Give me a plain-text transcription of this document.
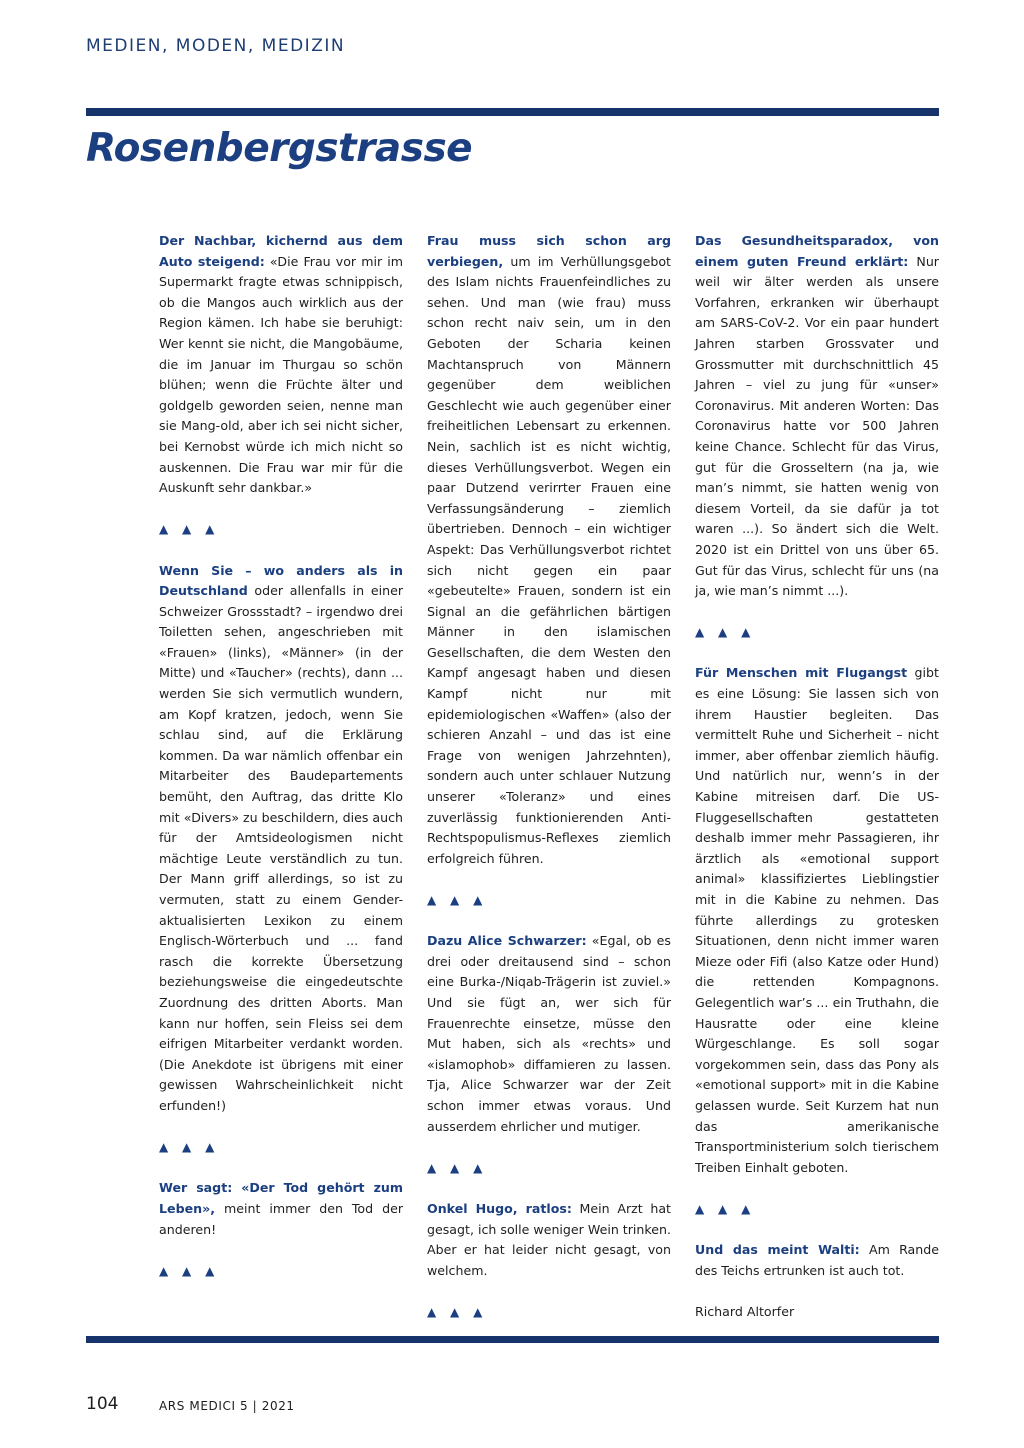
MEDIEN, MODEN, MEDIZIN
Rosenbergstrasse

Der Nachbar, kichernd aus dem Auto steigend: «Die Frau vor mir im Supermarkt fragte etwas schnippisch, ob die Mangos auch wirklich aus der Region kämen. Ich habe sie beruhigt: Wer kennt sie nicht, die Mangobäume, die im Januar im Thurgau so schön blühen; wenn die Früchte älter und goldgelb geworden seien, nenne man sie Mang-old, aber ich sei nicht sicher, bei Kernobst würde ich mich nicht so auskennen. Die Frau war mir für die Auskunft sehr dankbar.»

▲ ▲ ▲

Wenn Sie – wo anders als in Deutschland oder allenfalls in einer Schweizer Grossstadt? – irgendwo drei Toiletten sehen, angeschrieben mit «Frauen» (links), «Männer» (in der Mitte) und «Taucher» (rechts), dann ... werden Sie sich vermutlich wundern, am Kopf kratzen, jedoch, wenn Sie schlau sind, auf die Erklärung kommen. Da war nämlich offenbar ein Mitarbeiter des Baudepartements bemüht, den Auftrag, das dritte Klo mit «Divers» zu beschildern, dies auch für der Amtsideologismen nicht mächtige Leute verständlich zu tun. Der Mann griff allerdings, so ist zu vermuten, statt zu einem Gender-aktualisierten Lexikon zu einem Englisch-Wörterbuch und ... fand rasch die korrekte Übersetzung beziehungsweise die eingedeutschte Zuordnung des dritten Aborts. Man kann nur hoffen, sein Fleiss sei dem eifrigen Mitarbeiter verdankt worden. (Die Anekdote ist übrigens mit einer gewissen Wahrscheinlichkeit nicht erfunden!)

▲ ▲ ▲

Wer sagt: «Der Tod gehört zum Leben», meint immer den Tod der anderen!

▲ ▲ ▲

Frau muss sich schon arg verbiegen, um im Verhüllungsgebot des Islam nichts Frauenfeindliches zu sehen. Und man (wie frau) muss schon recht naiv sein, um in den Geboten der Scharia keinen Machtanspruch von Männern gegenüber dem weiblichen Geschlecht wie auch gegenüber einer freiheitlichen Lebensart zu erkennen. Nein, sachlich ist es nicht wichtig, dieses Verhüllungsverbot. Wegen ein paar Dutzend verirrter Frauen eine Verfassungsänderung – ziemlich übertrieben. Dennoch – ein wichtiger Aspekt: Das Verhüllungsverbot richtet sich nicht gegen ein paar «gebeutelte» Frauen, sondern ist ein Signal an die gefährlichen bärtigen Männer in den islamischen Gesellschaften, die dem Westen den Kampf angesagt haben und diesen Kampf nicht nur mit epidemiologischen «Waffen» (also der schieren Anzahl – und das ist eine Frage von wenigen Jahrzehnten), sondern auch unter schlauer Nutzung unserer «Toleranz» und eines zuverlässig funktionierenden Anti-Rechtspopulismus-Reflexes ziemlich erfolgreich führen.

▲ ▲ ▲

Dazu Alice Schwarzer: «Egal, ob es drei oder dreitausend sind – schon eine Burka-/Niqab-Trägerin ist zuviel.» Und sie fügt an, wer sich für Frauenrechte einsetze, müsse den Mut haben, sich als «rechts» und «islamophob» diffamieren zu lassen. Tja, Alice Schwarzer war der Zeit schon immer etwas voraus. Und ausserdem ehrlicher und mutiger.

▲ ▲ ▲

Onkel Hugo, ratlos: Mein Arzt hat gesagt, ich solle weniger Wein trinken. Aber er hat leider nicht gesagt, von welchem.

▲ ▲ ▲

Das Gesundheitsparadox, von einem guten Freund erklärt: Nur weil wir älter werden als unsere Vorfahren, erkranken wir überhaupt am SARS-CoV-2. Vor ein paar hundert Jahren starben Grossvater und Grossmutter mit durchschnittlich 45 Jahren – viel zu jung für «unser» Coronavirus. Mit anderen Worten: Das Coronavirus hatte vor 500 Jahren keine Chance. Schlecht für das Virus, gut für die Grosseltern (na ja, wie man’s nimmt, sie hatten wenig von diesem Vorteil, da sie dafür ja tot waren ...). So ändert sich die Welt. 2020 ist ein Drittel von uns über 65. Gut für das Virus, schlecht für uns (na ja, wie man’s nimmt ...).

▲ ▲ ▲

Für Menschen mit Flugangst gibt es eine Lösung: Sie lassen sich von ihrem Haustier begleiten. Das vermittelt Ruhe und Sicherheit – nicht immer, aber offenbar ziemlich häufig. Und natürlich nur, wenn’s in der Kabine mitreisen darf. Die US-Fluggesellschaften gestatteten deshalb immer mehr Passagieren, ihr ärztlich als «emotional support animal» klassifiziertes Lieblingstier mit in die Kabine zu nehmen. Das führte allerdings zu grotesken Situationen, denn nicht immer waren Mieze oder Fifi (also Katze oder Hund) die rettenden Kompagnons. Gelegentlich war’s ... ein Truthahn, die Hausratte oder eine kleine Würgeschlange. Es soll sogar vorgekommen sein, dass das Pony als «emotional support» mit in die Kabine gelassen wurde. Seit Kurzem hat nun das amerikanische Transportministerium solch tierischem Treiben Einhalt geboten.

▲ ▲ ▲

Und das meint Walti: Am Rande des Teichs ertrunken ist auch tot.

Richard Altorfer

104	ARS MEDICI 5 | 2021
